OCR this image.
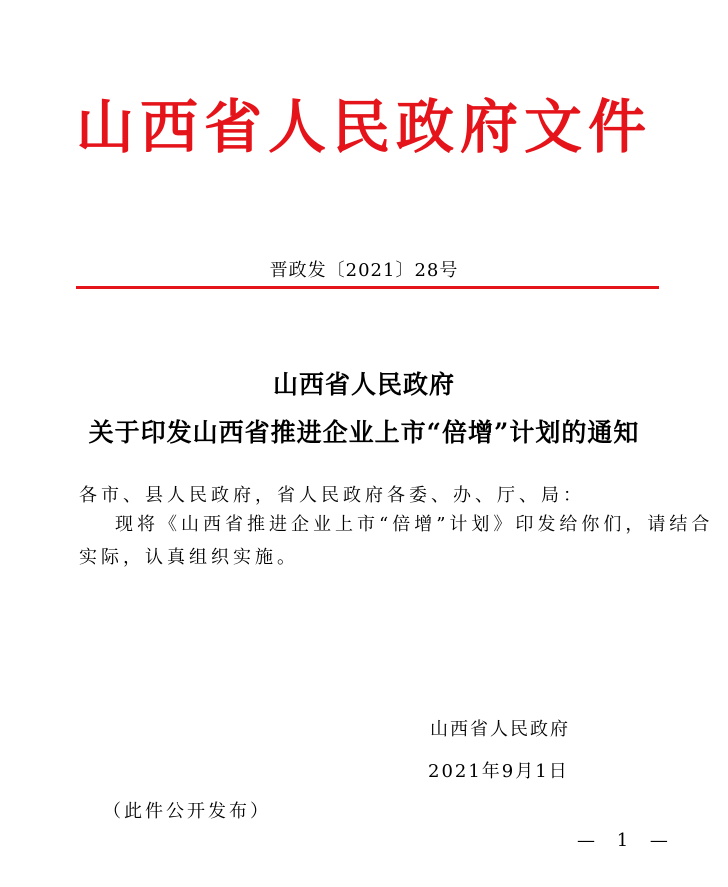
山西省人民政府文件
晋政发〔2021〕28号
山西省人民政府
关于印发山西省推进企业上市“倍增”计划的通知
各市、县人民政府，省人民政府各委、办、厅、局：
现将《山西省推进企业上市“倍增”计划》印发给你们，请结合
实际，认真组织实施。
山西省人民政府
2021年9月1日
（此件公开发布）
— 1 —
